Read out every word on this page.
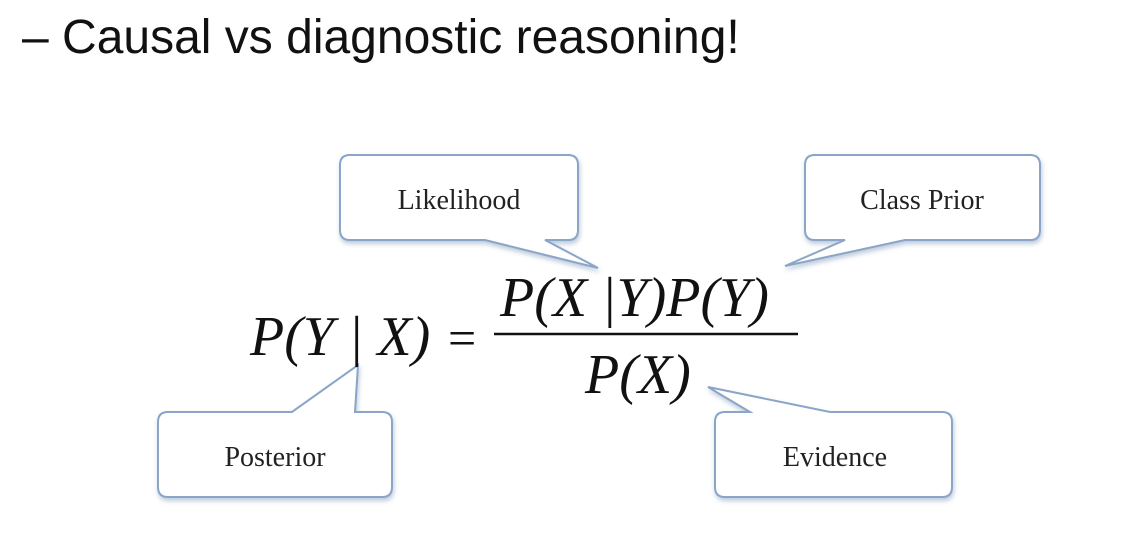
– Causal vs diagnostic reasoning!
Likelihood	Class Prior
Posterior	Evidence
P(Y | X) =
P(X |Y)P(Y)
P(X)
